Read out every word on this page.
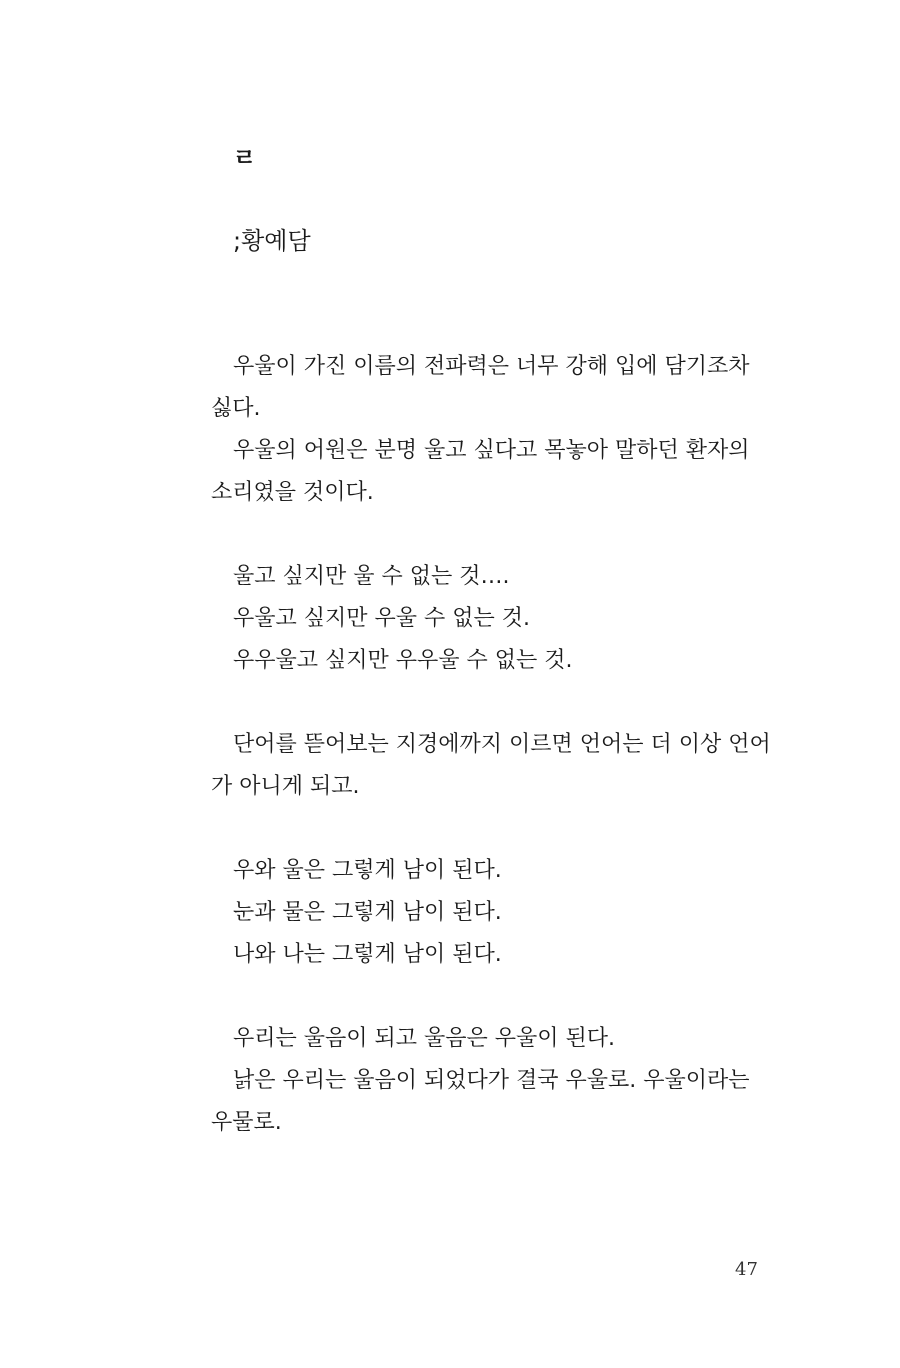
ㄹ
;황예담

우울이 가진 이름의 전파력은 너무 강해 입에 담기조차 싫다.

우울의 어원은 분명 울고 싶다고 목놓아 말하던 환자의 소리였을 것이다.

울고 싶지만 울 수 없는 것….

우울고 싶지만 우울 수 없는 것.

우우울고 싶지만 우우울 수 없는 것.

단어를 뜯어보는 지경에까지 이르면 언어는 더 이상 언어가 아니게 되고.

우와 울은 그렇게 남이 된다.

눈과 물은 그렇게 남이 된다.

나와 나는 그렇게 남이 된다.

우리는 울음이 되고 울음은 우울이 된다.

낡은 우리는 울음이 되었다가 결국 우울로. 우울이라는 우물로.

47
